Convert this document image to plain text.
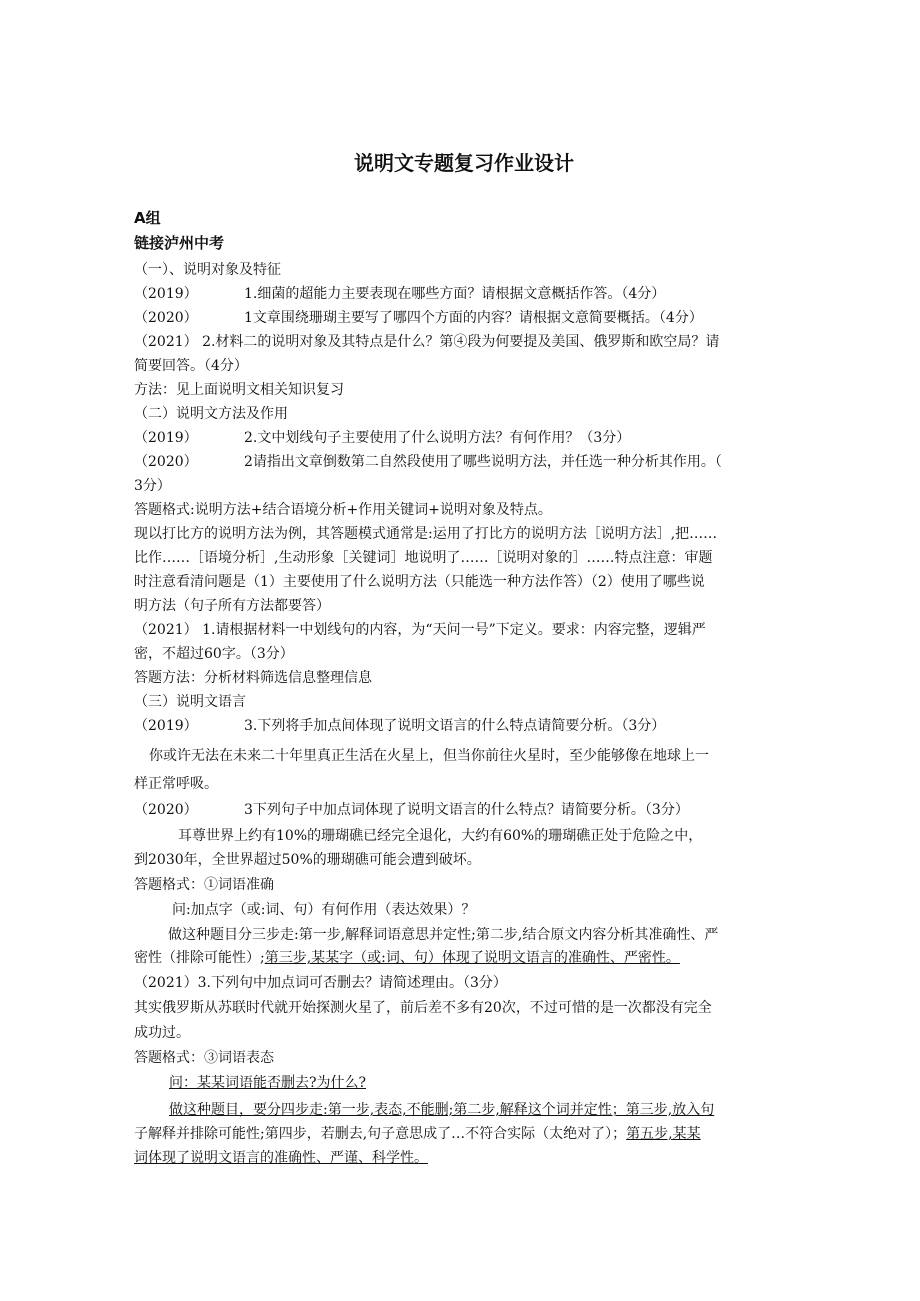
说明文专题复习作业设计
A组
链接泸州中考
（一）、说明对象及特征
（2019）	1.细菌的超能力主要表现在哪些方面？请根据文意概括作答。（4分）
（2020）	1文章围绕珊瑚主要写了哪四个方面的内容？请根据文意简要概括。（4分）
（2021） 2.材料二的说明对象及其特点是什么？第④段为何要提及美国、俄罗斯和欧空局？请
简要回答。（4分）
方法：见上面说明文相关知识复习
（二）说明文方法及作用
（2019）	2.文中划线句子主要使用了什么说明方法？有何作用？（3分）
（2020）	2请指出文章倒数第二自然段使用了哪些说明方法，并任选一种分析其作用。（
3分）
答题格式:说明方法+结合语境分析+作用关键词+说明对象及特点。
现以打比方的说明方法为例，其答题模式通常是:运用了打比方的说明方法［说明方法］,把……
比作……［语境分析］,生动形象［关键词］地说明了……［说明对象的］……特点注意：审题
时注意看清问题是（1）主要使用了什么说明方法（只能选一种方法作答）（2）使用了哪些说
明方法（句子所有方法都要答）
（2021） 1.请根据材料一中划线句的内容，为“天问一号”下定义。要求：内容完整，逻辑严
密，不超过60字。（3分）
答题方法：分析材料筛选信息整理信息
（三）说明文语言
（2019）	3.下列将手加点间体现了说明文语言的什么特点请简要分析。（3分）
你或许无法在未来二十年里真正生活在火星上，但当你前往火星时，至少能够像在地球上一
样正常呼吸。
（2020）	3下列句子中加点词体现了说明文语言的什么特点？请简要分析。（3分）
耳尊世界上约有10%的珊瑚礁已经完全退化，大约有60%的珊瑚礁正处于危险之中，
到2030年，全世界超过50%的珊瑚礁可能会遭到破坏。
答题格式：①词语准确
问:加点字（或:词、句）有何作用（表达效果）？
做这种题目分三步走:第一步,解释词语意思并定性;第二步,结合原文内容分析其准确性、严
密性（排除可能性）;第三步,某某字（或:词、句）体现了说明文语言的准确性、严密性。
（2021）3.下列句中加点词可否删去？请简述理由。（3分）
其实俄罗斯从苏联时代就开始探测火星了，前后差不多有20次，不过可惜的是一次都没有完全
成功过。
答题格式：③词语表态
问：某某词语能否删去?为什么?
做这种题目，要分四步走:第一步,表态,不能删;第二步,解释这个词并定性；第三步,放入句
子解释并排除可能性;第四步，若删去,句子意思成了…不符合实际（太绝对了）；第五步,某某
词体现了说明文语言的准确性、严谨、科学性。
